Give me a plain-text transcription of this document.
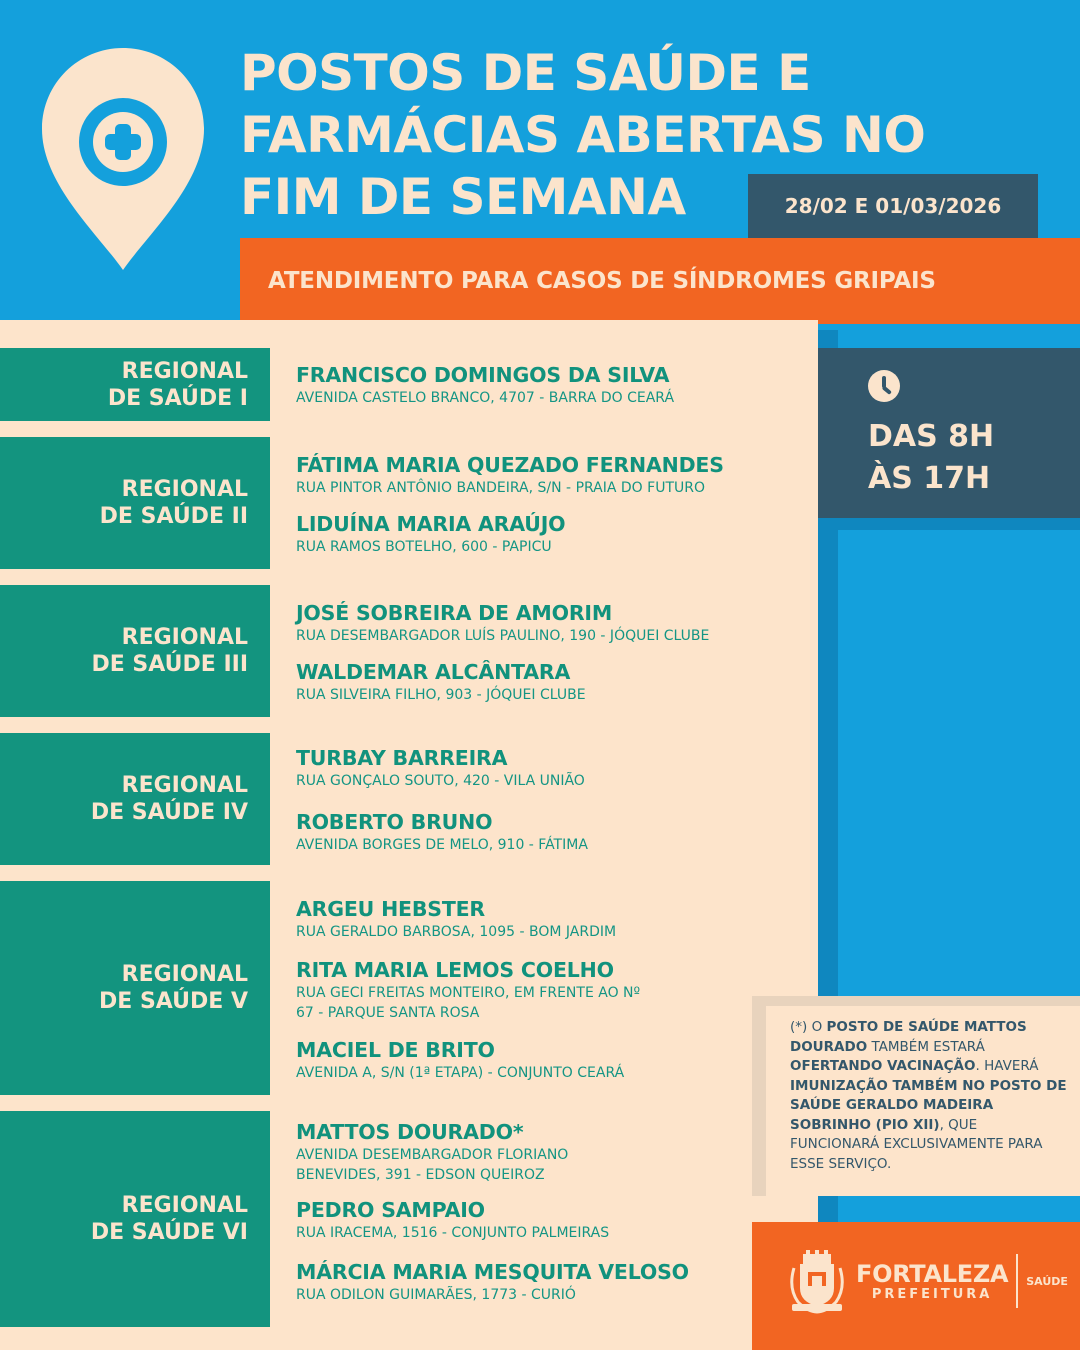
POSTOS DE SAÚDE E
FARMÁCIAS ABERTAS NO
FIM DE SEMANA	28/02 E 01/03/2026
ATENDIMENTO PARA CASOS DE SÍNDROMES GRIPAIS
DAS 8H
ÀS 17H
REGIONAL
DE SAÚDE I
FRANCISCO DOMINGOS DA SILVA
AVENIDA CASTELO BRANCO, 4707 - BARRA DO CEARÁ
REGIONAL
DE SAÚDE II
FÁTIMA MARIA QUEZADO FERNANDES
RUA PINTOR ANTÔNIO BANDEIRA, S/N - PRAIA DO FUTURO
LIDUÍNA MARIA ARAÚJO
RUA RAMOS BOTELHO, 600 - PAPICU
REGIONAL
DE SAÚDE III
JOSÉ SOBREIRA DE AMORIM
RUA DESEMBARGADOR LUÍS PAULINO, 190 - JÓQUEI CLUBE
WALDEMAR ALCÂNTARA
RUA SILVEIRA FILHO, 903 - JÓQUEI CLUBE
REGIONAL
DE SAÚDE IV
TURBAY BARREIRA
RUA GONÇALO SOUTO, 420 - VILA UNIÃO
ROBERTO BRUNO
AVENIDA BORGES DE MELO, 910 - FÁTIMA
REGIONAL
DE SAÚDE V
ARGEU HEBSTER
RUA GERALDO BARBOSA, 1095 - BOM JARDIM
RITA MARIA LEMOS COELHO
RUA GECI FREITAS MONTEIRO, EM FRENTE AO Nº 67 - PARQUE SANTA ROSA
MACIEL DE BRITO
AVENIDA A, S/N (1ª ETAPA) - CONJUNTO CEARÁ
REGIONAL
DE SAÚDE VI
MATTOS DOURADO*
AVENIDA DESEMBARGADOR FLORIANO BENEVIDES, 391 - EDSON QUEIROZ
PEDRO SAMPAIO
RUA IRACEMA, 1516 - CONJUNTO PALMEIRAS
MÁRCIA MARIA MESQUITA VELOSO
RUA ODILON GUIMARÃES, 1773 - CURIÓ
(*) O POSTO DE SAÚDE MATTOS DOURADO TAMBÉM ESTARÁ OFERTANDO VACINAÇÃO. HAVERÁ IMUNIZAÇÃO TAMBÉM NO POSTO DE SAÚDE GERALDO MADEIRA SOBRINHO (PIO XII), QUE FUNCIONARÁ EXCLUSIVAMENTE PARA ESSE SERVIÇO.
FORTALEZA
PREFEITURA
SAÚDE
